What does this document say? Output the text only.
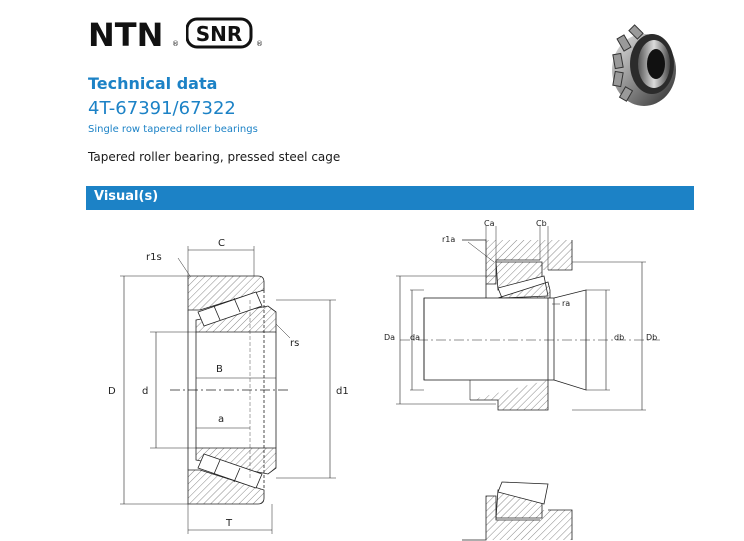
NTN ® SNR ®
Technical data
4T-67391/67322
Single row tapered roller bearings
Tapered roller bearing, pressed steel cage
Visual(s)
C
r1s
rs
B
a
D	d	d1
T
Ca	Cb
r1a
ra
Da da	db	Db
